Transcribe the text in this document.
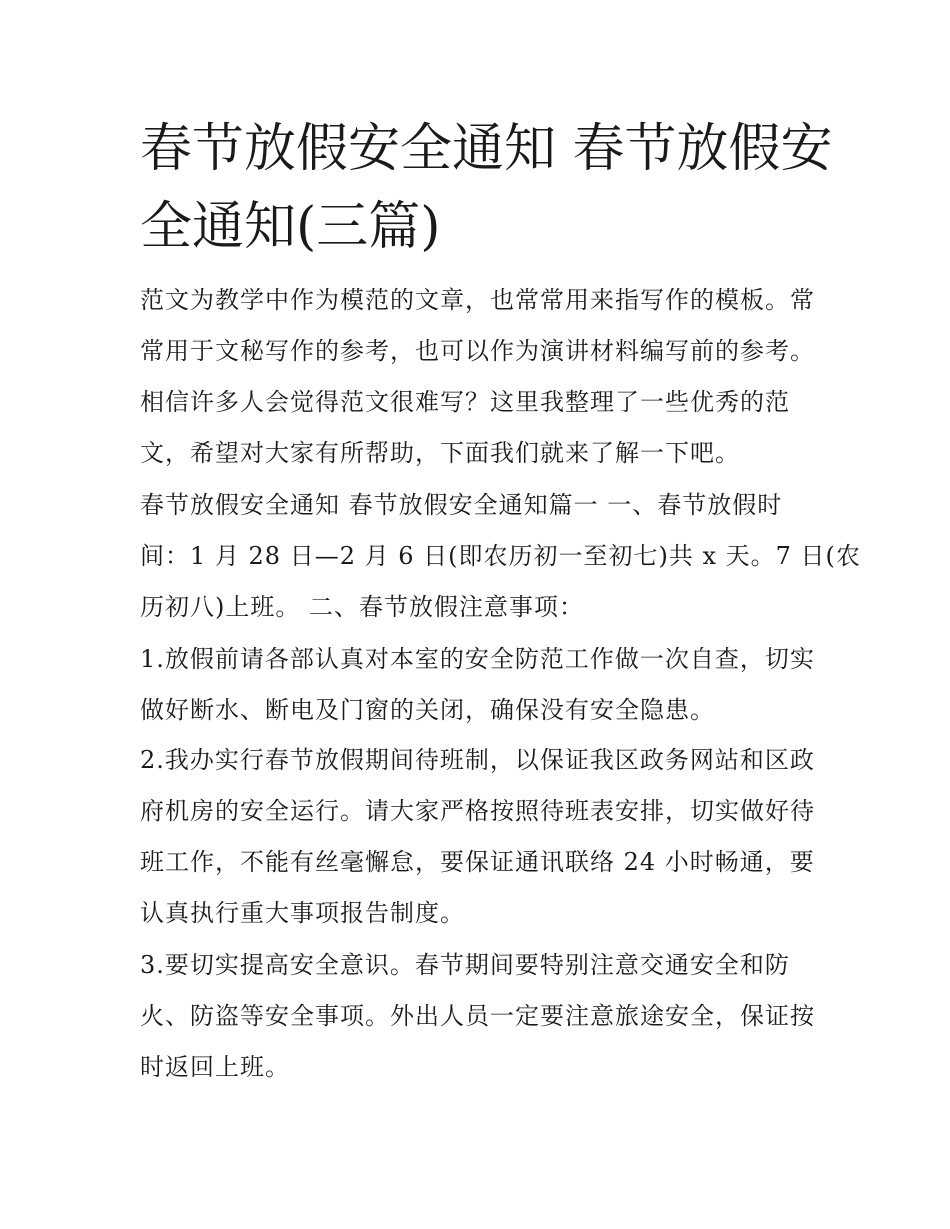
春节放假安全通知 春节放假安
全通知(三篇)

范文为教学中作为模范的文章，也常常用来指写作的模板。常
常用于文秘写作的参考，也可以作为演讲材料编写前的参考。
相信许多人会觉得范文很难写？这里我整理了一些优秀的范
文，希望对大家有所帮助，下面我们就来了解一下吧。

春节放假安全通知 春节放假安全通知篇一 一、春节放假时
间：1 月 28 日—2 月 6 日(即农历初一至初七)共 x 天。7 日(农
历初八)上班。 二、春节放假注意事项：

1.放假前请各部认真对本室的安全防范工作做一次自查，切实
做好断水、断电及门窗的关闭，确保没有安全隐患。

2.我办实行春节放假期间待班制，以保证我区政务网站和区政
府机房的安全运行。请大家严格按照待班表安排，切实做好待
班工作，不能有丝毫懈怠，要保证通讯联络 24 小时畅通，要
认真执行重大事项报告制度。

3.要切实提高安全意识。春节期间要特别注意交通安全和防
火、防盗等安全事项。外出人员一定要注意旅途安全，保证按
时返回上班。
